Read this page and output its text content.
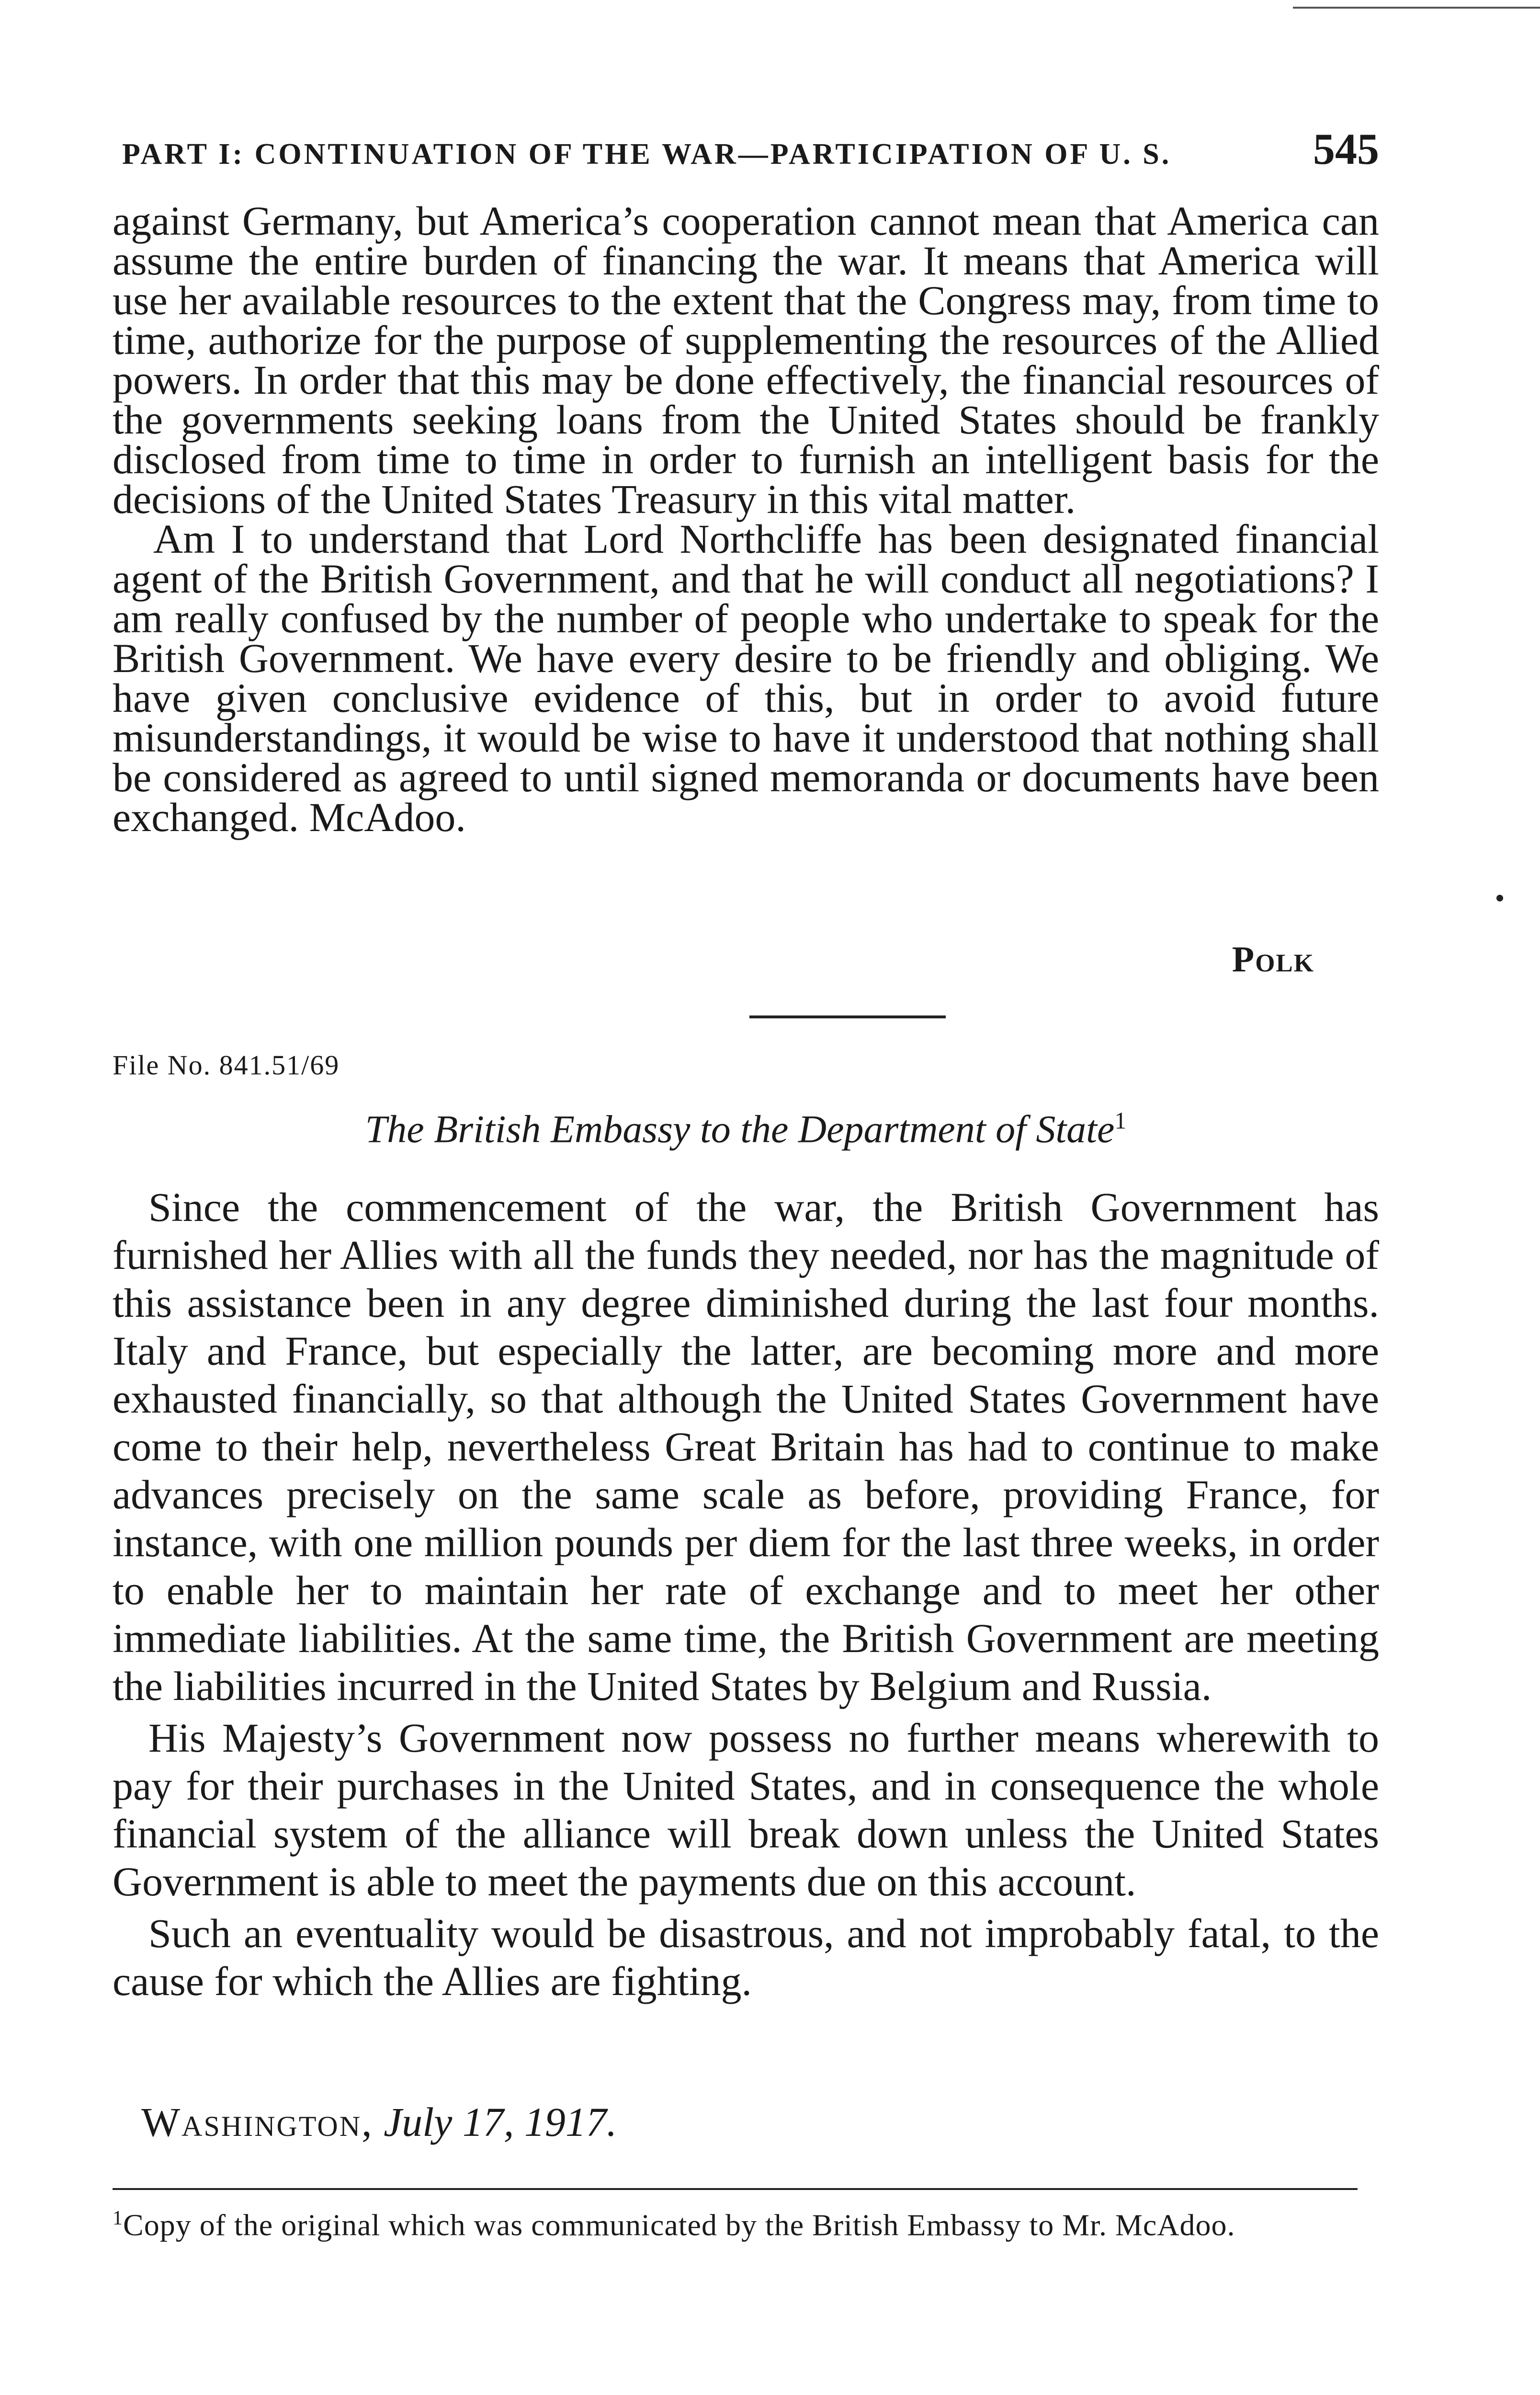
PART I: CONTINUATION OF THE WAR—PARTICIPATION OF U. S.	545

against Germany, but America’s cooperation cannot mean that America can assume the entire burden of financing the war. It means that America will use her available resources to the extent that the Congress may, from time to time, authorize for the purpose of supplementing the resources of the Allied powers. In order that this may be done effectively, the financial resources of the governments seeking loans from the United States should be frankly disclosed from time to time in order to furnish an intelligent basis for the decisions of the United States Treasury in this vital matter.

Am I to understand that Lord Northcliffe has been designated financial agent of the British Government, and that he will conduct all negotiations? I am really confused by the number of people who undertake to speak for the British Government. We have every desire to be friendly and obliging. We have given conclusive evidence of this, but in order to avoid future misunderstandings, it would be wise to have it understood that nothing shall be considered as agreed to until signed memoranda or documents have been exchanged. McAdoo.

Polk
File No. 841.51/69
The British Embassy to the Department of State$^1$

Since the commencement of the war, the British Government has furnished her Allies with all the funds they needed, nor has the magnitude of this assistance been in any degree diminished during the last four months. Italy and France, but especially the latter, are becoming more and more exhausted financially, so that although the United States Government have come to their help, nevertheless Great Britain has had to continue to make advances precisely on the same scale as before, providing France, for instance, with one million pounds per diem for the last three weeks, in order to enable her to maintain her rate of exchange and to meet her other immediate liabilities. At the same time, the British Government are meeting the liabilities incurred in the United States by Belgium and Russia.

His Majesty’s Government now possess no further means wherewith to pay for their purchases in the United States, and in consequence the whole financial system of the alliance will break down unless the United States Government is able to meet the payments due on this account.

Such an eventuality would be disastrous, and not improbably fatal, to the cause for which the Allies are fighting.

Washington, July 17, 1917.
$^1$Copy of the original which was communicated by the British Embassy to Mr. McAdoo.
